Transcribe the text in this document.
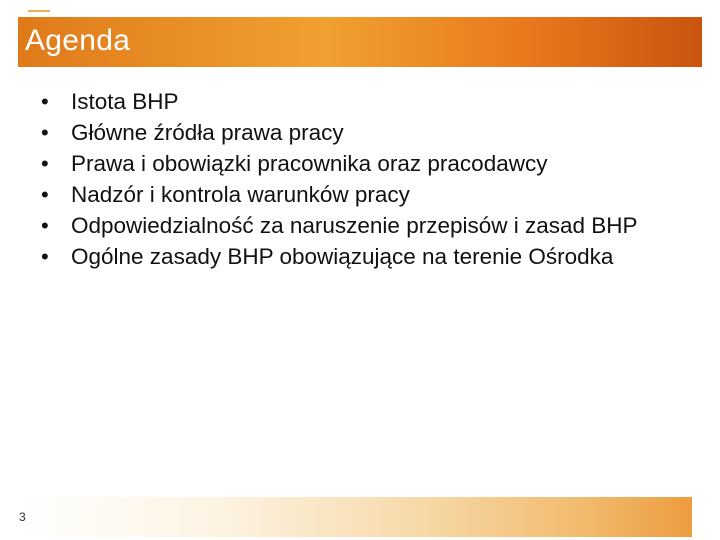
Agenda
• Istota BHP
• Główne źródła prawa pracy
• Prawa i obowiązki pracownika oraz pracodawcy
• Nadzór i kontrola warunków pracy
• Odpowiedzialność za naruszenie przepisów i zasad BHP
• Ogólne zasady BHP obowiązujące na terenie Ośrodka
3
